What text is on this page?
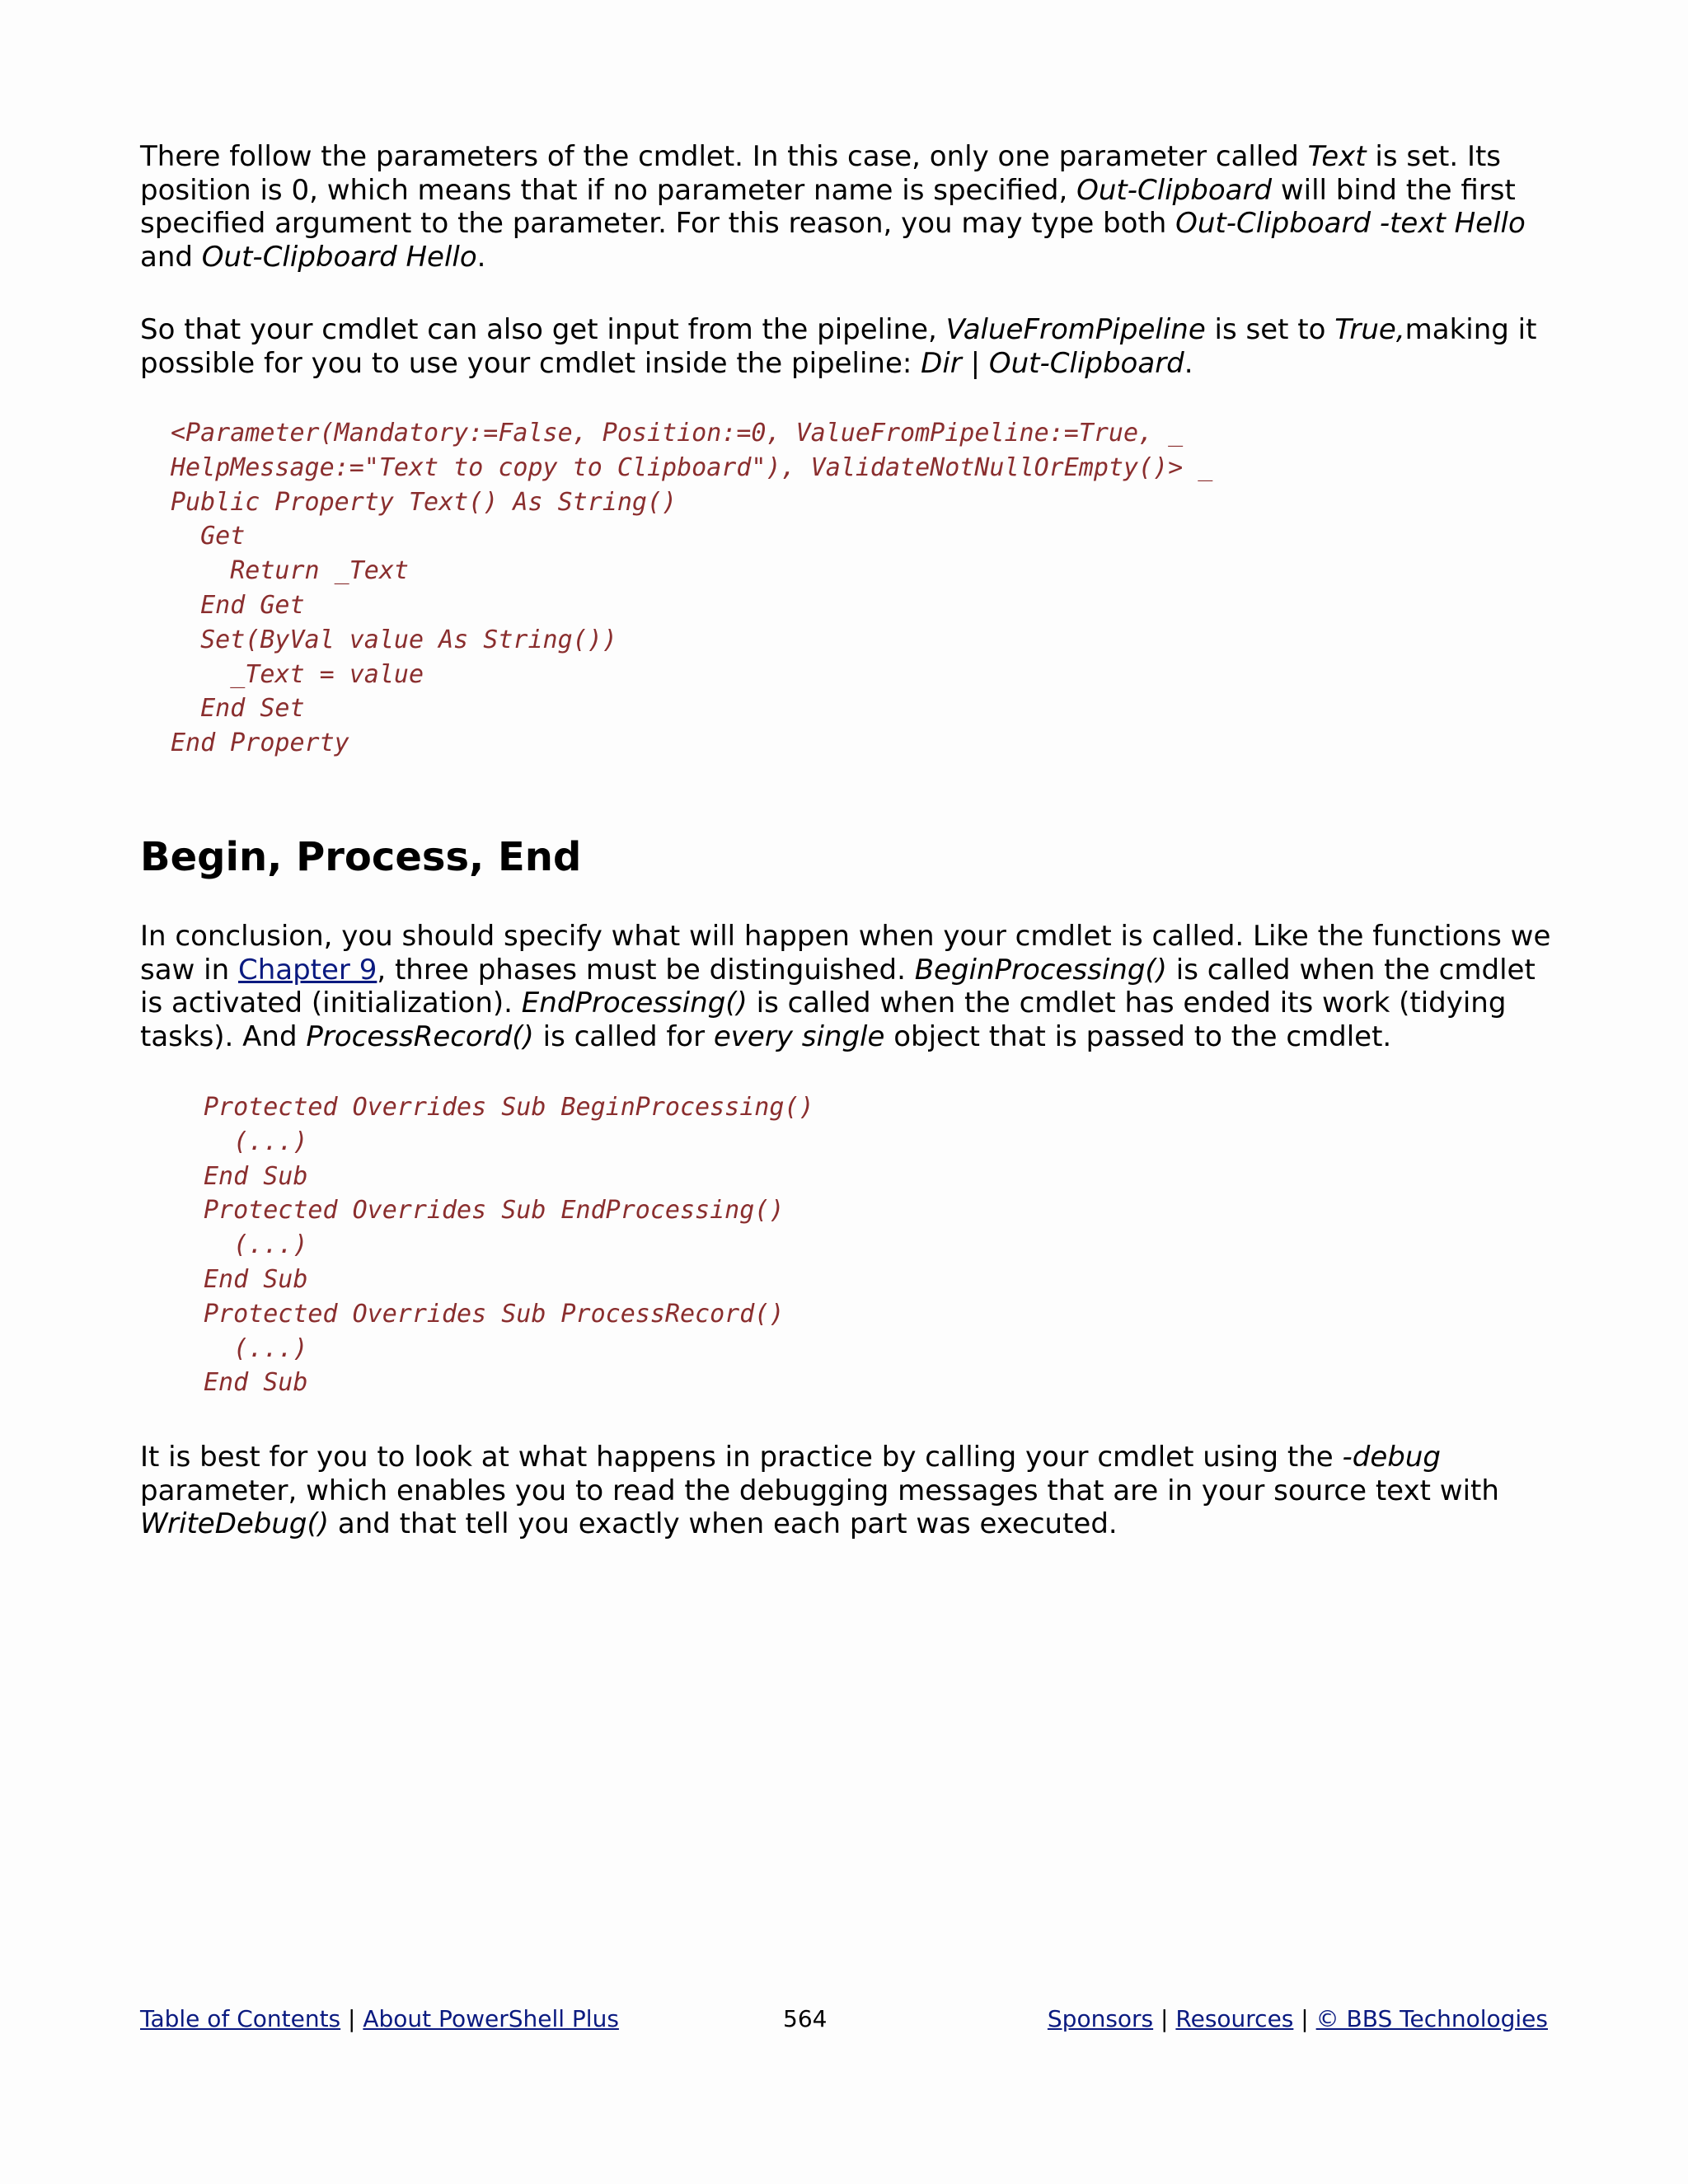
There follow the parameters of the cmdlet. In this case, only one parameter called Text is set. Its
position is 0, which means that if no parameter name is specified, Out-Clipboard will bind the first
specified argument to the parameter. For this reason, you may type both Out-Clipboard -text Hello
and Out-Clipboard Hello.

So that your cmdlet can also get input from the pipeline, ValueFromPipeline is set to True,making it
possible for you to use your cmdlet inside the pipeline: Dir | Out-Clipboard.

<Parameter(Mandatory:=False, Position:=0, ValueFromPipeline:=True, _
HelpMessage:="Text to copy to Clipboard"), ValidateNotNullOrEmpty()> _
Public Property Text() As String()
Get
Return _Text
End Get
Set(ByVal value As String())
_Text = value
End Set
End Property
Begin, Process, End

In conclusion, you should specify what will happen when your cmdlet is called. Like the functions we
saw in Chapter 9, three phases must be distinguished. BeginProcessing() is called when the cmdlet
is activated (initialization). EndProcessing() is called when the cmdlet has ended its work (tidying
tasks). And ProcessRecord() is called for every single object that is passed to the cmdlet.

Protected Overrides Sub BeginProcessing()
(...)
End Sub
Protected Overrides Sub EndProcessing()
(...)
End Sub
Protected Overrides Sub ProcessRecord()
(...)
End Sub

It is best for you to look at what happens in practice by calling your cmdlet using the -debug
parameter, which enables you to read the debugging messages that are in your source text with
WriteDebug() and that tell you exactly when each part was executed.

Table of Contents | About PowerShell Plus	564	Sponsors | Resources | © BBS Technologies
